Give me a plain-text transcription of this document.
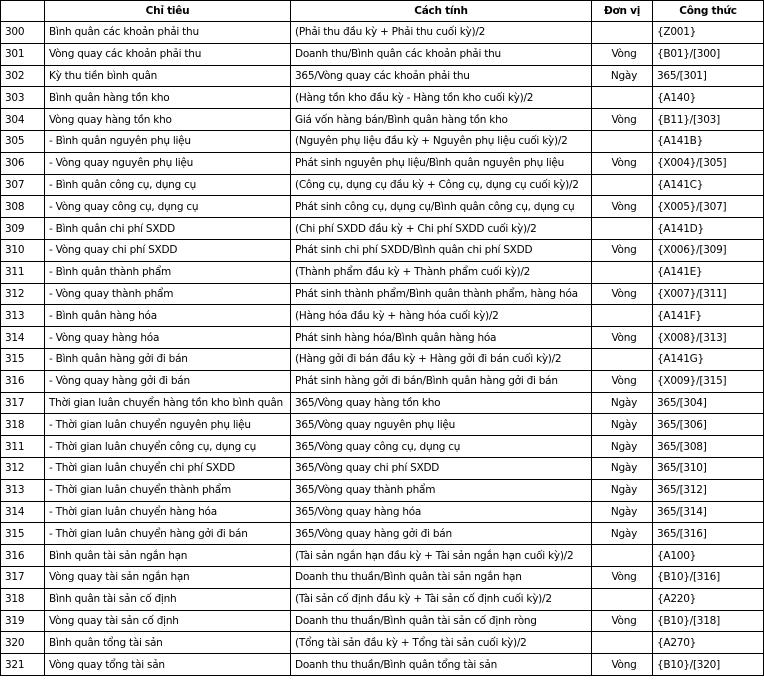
	Chỉ tiêu	Cách tính	Đơn vị	Công thức
300	Bình quân các khoản phải thu	(Phải thu đầu kỳ + Phải thu cuối kỳ)/2		{Z001}
301	Vòng quay các khoản phải thu	Doanh thu/Bình quân các khoản phải thu	Vòng	{B01}/[300]
302	Kỳ thu tiền bình quân	365/Vòng quay các khoản phải thu	Ngày	365/[301]
303	Bình quân hàng tồn kho	(Hàng tồn kho đầu kỳ - Hàng tồn kho cuối kỳ)/2		{A140}
304	Vòng quay hàng tồn kho	Giá vốn hàng bán/Bình quân hàng tồn kho	Vòng	{B11}/[303]
305	- Bình quân nguyên phụ liệu	(Nguyên phụ liệu đầu kỳ + Nguyên phụ liệu cuối kỳ)/2		{A141B}
306	- Vòng quay nguyên phụ liệu	Phát sinh nguyên phụ liệu/Bình quân nguyên phụ liệu	Vòng	{X004}/[305]
307	- Bình quân công cụ, dụng cụ	(Công cụ, dụng cụ đầu kỳ + Công cụ, dụng cụ cuối kỳ)/2		{A141C}
308	- Vòng quay công cụ, dụng cụ	Phát sinh công cụ, dụng cụ/Bình quân công cụ, dụng cụ	Vòng	{X005}/[307]
309	- Bình quân chi phí SXDD	(Chi phí SXDD đầu kỳ + Chi phí SXDD cuối kỳ)/2		{A141D}
310	- Vòng quay chi phí SXDD	Phát sinh chi phí SXDD/Bình quân chi phí SXDD	Vòng	{X006}/[309]
311	- Bình quân thành phẩm	(Thành phẩm đầu kỳ + Thành phẩm cuối kỳ)/2		{A141E}
312	- Vòng quay thành phẩm	Phát sinh thành phẩm/Bình quân thành phẩm, hàng hóa	Vòng	{X007}/[311]
313	- Bình quân hàng hóa	(Hàng hóa đầu kỳ + hàng hóa cuối kỳ)/2		{A141F}
314	- Vòng quay hàng hóa	Phát sinh hàng hóa/Bình quân hàng hóa	Vòng	{X008}/[313]
315	- Bình quân hàng gởi đi bán	(Hàng gởi đi bán đầu kỳ + Hàng gởi đi bán cuối kỳ)/2		{A141G}
316	- Vòng quay hàng gởi đi bán	Phát sinh hàng gởi đi bán/Bình quân hàng gởi đi bán	Vòng	{X009}/[315]
317	Thời gian luân chuyển hàng tồn kho bình quân	365/Vòng quay hàng tồn kho	Ngày	365/[304]
318	- Thời gian luân chuyển nguyên phụ liệu	365/Vòng quay nguyên phụ liệu	Ngày	365/[306]
311	- Thời gian luân chuyển công cụ, dụng cụ	365/Vòng quay công cụ, dụng cụ	Ngày	365/[308]
312	- Thời gian luân chuyển chi phí SXDD	365/Vòng quay chi phí SXDD	Ngày	365/[310]
313	- Thời gian luân chuyển thành phẩm	365/Vòng quay thành phẩm	Ngày	365/[312]
314	- Thời gian luân chuyển hàng hóa	365/Vòng quay hàng hóa	Ngày	365/[314]
315	- Thời gian luân chuyển hàng gởi đi bán	365/Vòng quay hàng gởi đi bán	Ngày	365/[316]
316	Bình quân tài sản ngắn hạn	(Tài sản ngắn hạn đầu kỳ + Tài sản ngắn hạn cuối kỳ)/2		{A100}
317	Vòng quay tài sản ngắn hạn	Doanh thu thuần/Bình quân tài sản ngắn hạn	Vòng	{B10}/[316]
318	Bình quân tài sản cố định	(Tài sản cố định đầu kỳ + Tài sản cố định cuối kỳ)/2		{A220}
319	Vòng quay tài sản cố định	Doanh thu thuần/Bình quân tài sản cố định ròng	Vòng	{B10}/[318]
320	Bình quân tổng tài sản	(Tổng tài sản đầu kỳ + Tổng tài sản cuối kỳ)/2		{A270}
321	Vòng quay tổng tài sản	Doanh thu thuần/Bình quân tổng tài sản	Vòng	{B10}/[320]
